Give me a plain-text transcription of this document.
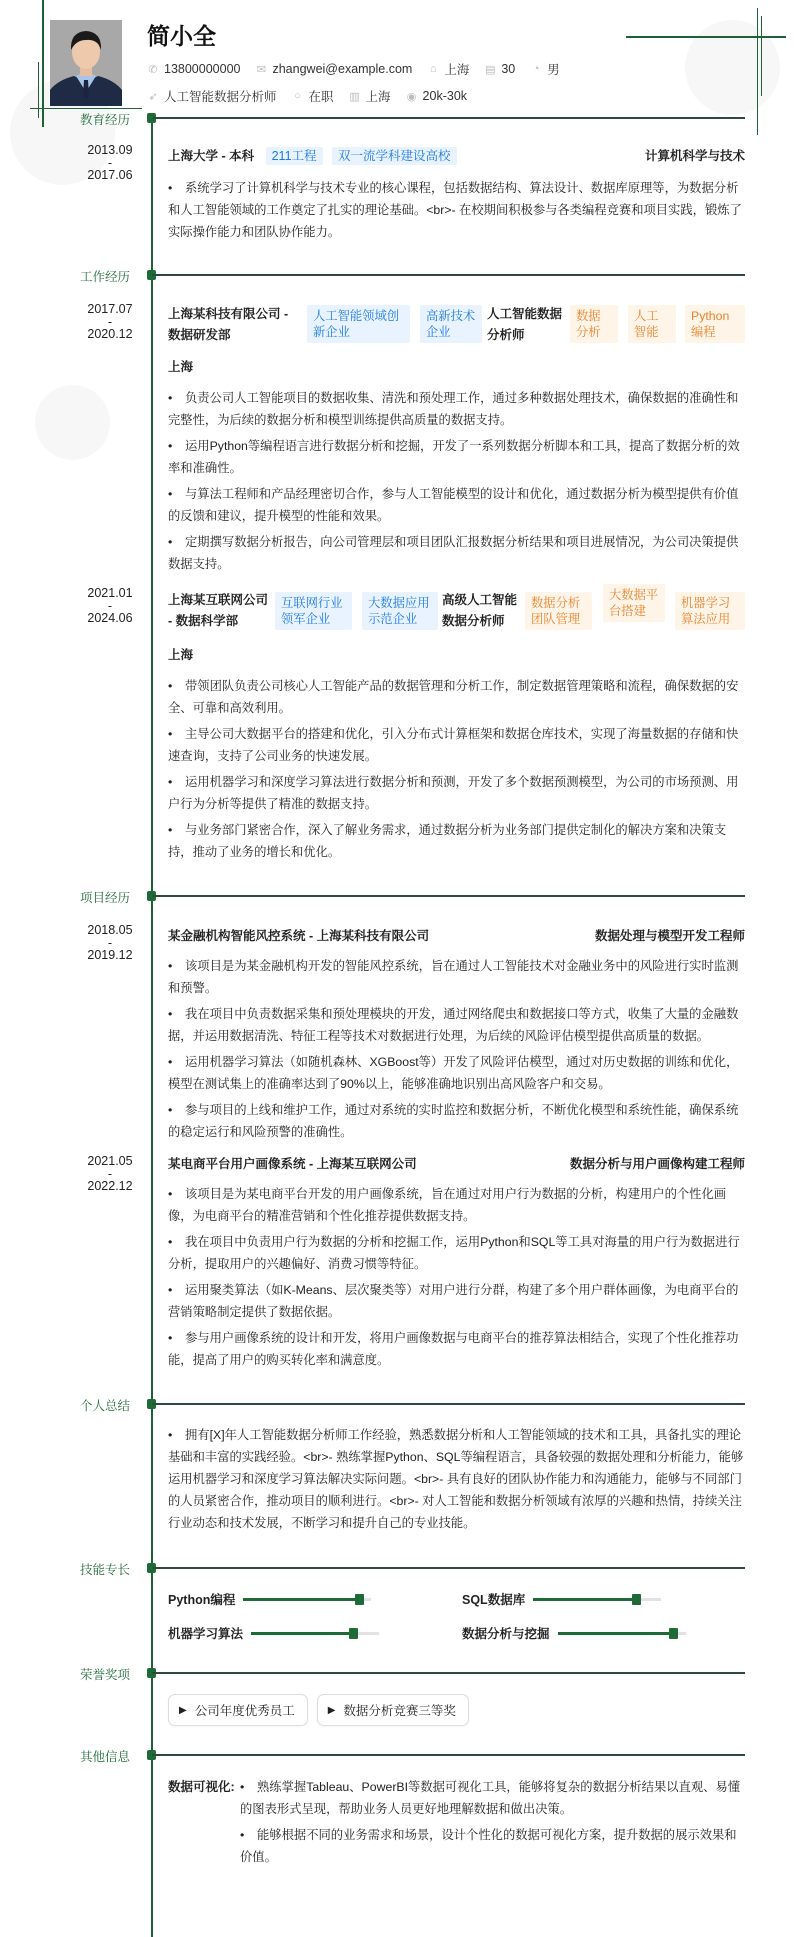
简小全
✆ 13800000000 ✉ zhangwei@example.com	⌂ 上海 ▤ 30	◔ 男
➶ 人工智能数据分析师	○ 在职 ▥ 上海 ◉ 20k-30k
教育经历
2013.09
-
2017.06
上海大学 - 本科 211工程 双一流学科建设高校	计算机科学与技术
• 系统学习了计算机科学与技术专业的核心课程，包括数据结构、算法设计、数据库原理等，为数据分析和人工智能领域的工作奠定了扎实的理论基础。<br>- 在校期间积极参与各类编程竞赛和项目实践，锻炼了实际操作能力和团队协作能力。
工作经历
2017.07
-
2020.12
上海某科技有限公司 - 数据研发部
人工智能领域创新企业
高新技术企业
人工智能数据分析师
数据分析
人工智能
Python编程
上海
• 负责公司人工智能项目的数据收集、清洗和预处理工作，通过多种数据处理技术，确保数据的准确性和完整性，为后续的数据分析和模型训练提供高质量的数据支持。
• 运用Python等编程语言进行数据分析和挖掘，开发了一系列数据分析脚本和工具，提高了数据分析的效率和准确性。
• 与算法工程师和产品经理密切合作，参与人工智能模型的设计和优化，通过数据分析为模型提供有价值的反馈和建议，提升模型的性能和效果。
• 定期撰写数据分析报告，向公司管理层和项目团队汇报数据分析结果和项目进展情况，为公司决策提供数据支持。
2021.01
-
2024.06
上海某互联网公司 - 数据科学部
互联网行业领军企业
大数据应用示范企业
高级人工智能数据分析师
数据分析团队管理
大数据平台搭建
机器学习算法应用
上海
• 带领团队负责公司核心人工智能产品的数据管理和分析工作，制定数据管理策略和流程，确保数据的安全、可靠和高效利用。
• 主导公司大数据平台的搭建和优化，引入分布式计算框架和数据仓库技术，实现了海量数据的存储和快速查询，支持了公司业务的快速发展。
• 运用机器学习和深度学习算法进行数据分析和预测，开发了多个数据预测模型，为公司的市场预测、用户行为分析等提供了精准的数据支持。
• 与业务部门紧密合作，深入了解业务需求，通过数据分析为业务部门提供定制化的解决方案和决策支持，推动了业务的增长和优化。
项目经历
2018.05
-
2019.12
某金融机构智能风控系统 - 上海某科技有限公司	数据处理与模型开发工程师
• 该项目是为某金融机构开发的智能风控系统，旨在通过人工智能技术对金融业务中的风险进行实时监测和预警。
• 我在项目中负责数据采集和预处理模块的开发，通过网络爬虫和数据接口等方式，收集了大量的金融数据，并运用数据清洗、特征工程等技术对数据进行处理，为后续的风险评估模型提供高质量的数据。
• 运用机器学习算法（如随机森林、XGBoost等）开发了风险评估模型，通过对历史数据的训练和优化，模型在测试集上的准确率达到了90%以上，能够准确地识别出高风险客户和交易。
• 参与项目的上线和维护工作，通过对系统的实时监控和数据分析，不断优化模型和系统性能，确保系统的稳定运行和风险预警的准确性。
2021.05
-
2022.12
某电商平台用户画像系统 - 上海某互联网公司	数据分析与用户画像构建工程师
• 该项目是为某电商平台开发的用户画像系统，旨在通过对用户行为数据的分析，构建用户的个性化画像，为电商平台的精准营销和个性化推荐提供数据支持。
• 我在项目中负责用户行为数据的分析和挖掘工作，运用Python和SQL等工具对海量的用户行为数据进行分析，提取用户的兴趣偏好、消费习惯等特征。
• 运用聚类算法（如K-Means、层次聚类等）对用户进行分群，构建了多个用户群体画像，为电商平台的营销策略制定提供了数据依据。
• 参与用户画像系统的设计和开发，将用户画像数据与电商平台的推荐算法相结合，实现了个性化推荐功能，提高了用户的购买转化率和满意度。
个人总结
• 拥有[X]年人工智能数据分析师工作经验，熟悉数据分析和人工智能领域的技术和工具，具备扎实的理论基础和丰富的实践经验。<br>- 熟练掌握Python、SQL等编程语言，具备较强的数据处理和分析能力，能够运用机器学习和深度学习算法解决实际问题。<br>- 具有良好的团队协作能力和沟通能力，能够与不同部门的人员紧密合作，推动项目的顺利进行。<br>- 对人工智能和数据分析领域有浓厚的兴趣和热情，持续关注行业动态和技术发展，不断学习和提升自己的专业技能。
技能专长
Python编程	SQL数据库
机器学习算法	数据分析与挖掘
荣誉奖项
▶ 公司年度优秀员工	▶ 数据分析竞赛三等奖
其他信息
数据可视化: • 熟练掌握Tableau、PowerBI等数据可视化工具，能够将复杂的数据分析结果以直观、易懂的图表形式呈现，帮助业务人员更好地理解数据和做出决策。
• 能够根据不同的业务需求和场景，设计个性化的数据可视化方案，提升数据的展示效果和价值。
